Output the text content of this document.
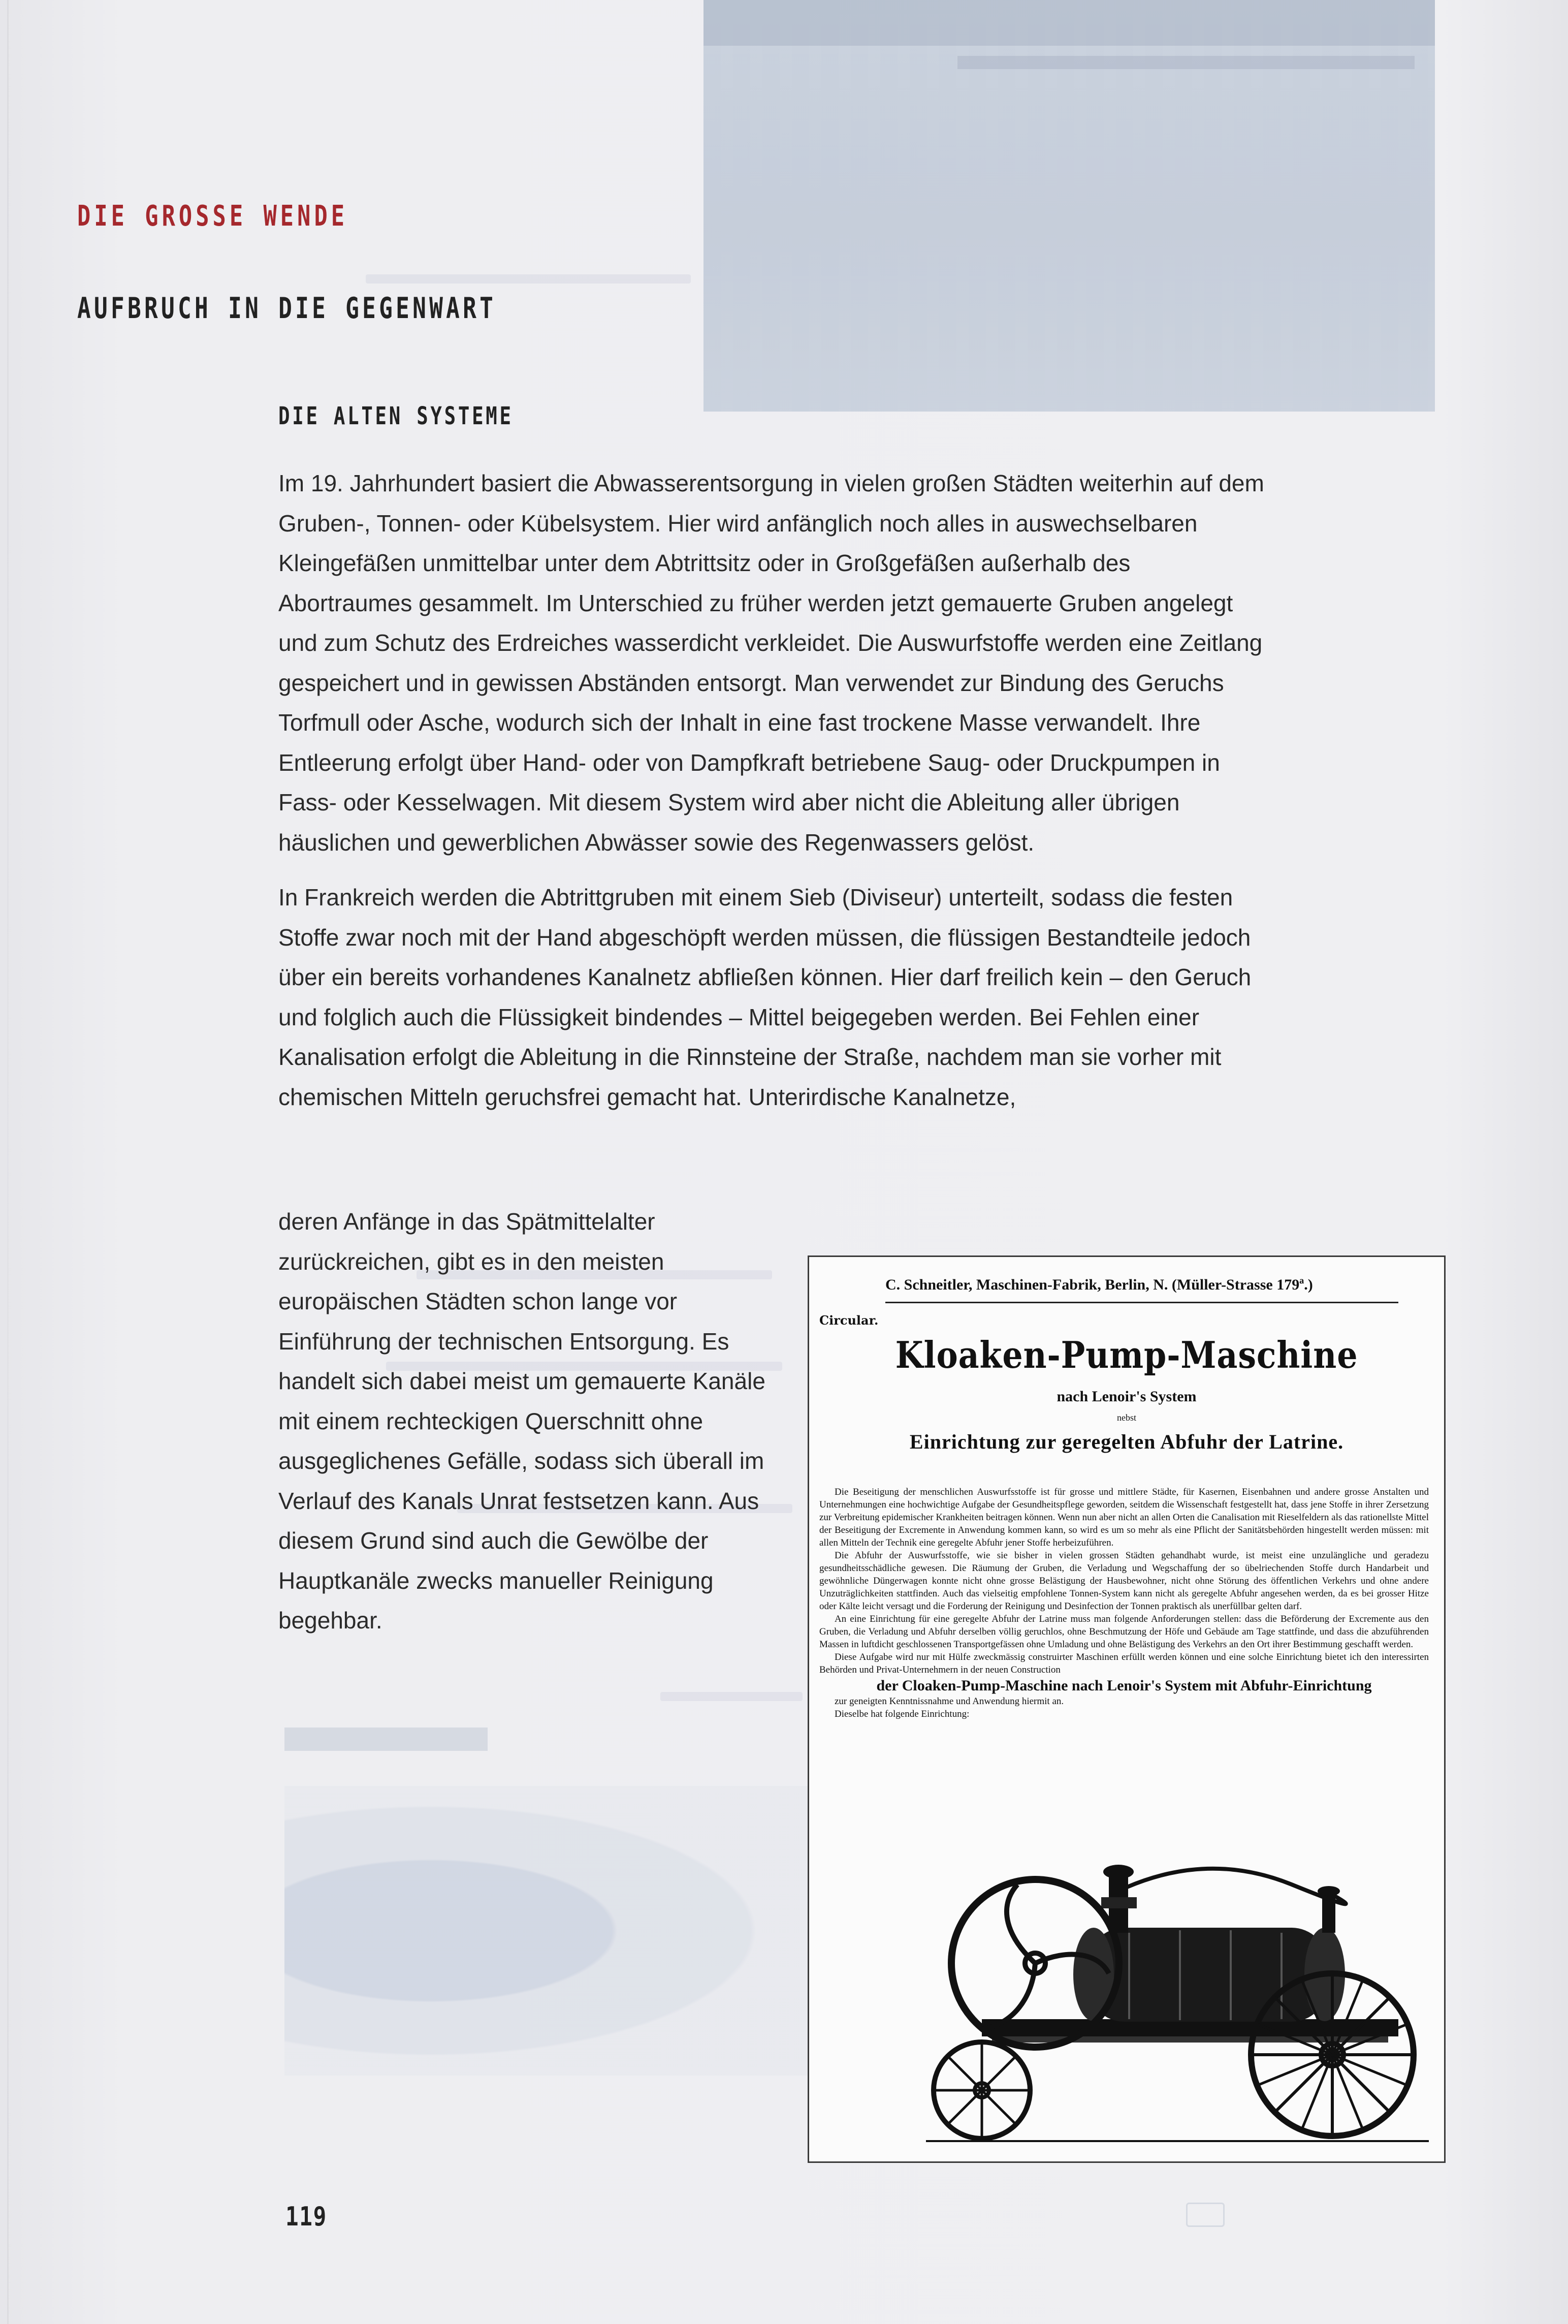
DIE GROSSE WENDE
AUFBRUCH IN DIE GEGENWART
DIE ALTEN SYSTEME

Im 19. Jahrhundert basiert die Abwasserentsorgung in vielen großen Städten weiterhin auf dem Gruben-, Tonnen- oder Kübelsystem. Hier wird anfänglich noch alles in auswechselbaren Kleingefäßen unmittelbar unter dem Abtrittsitz oder in Großgefäßen außerhalb des Abortraumes gesammelt. Im Unterschied zu früher werden jetzt gemauerte Gruben angelegt und zum Schutz des Erdreiches wasserdicht verkleidet. Die Auswurfstoffe werden eine Zeitlang gespeichert und in gewissen Abständen entsorgt. Man verwendet zur Bindung des Geruchs Torfmull oder Asche, wodurch sich der Inhalt in eine fast trockene Masse verwandelt. Ihre Entleerung erfolgt über Hand- oder von Dampfkraft betriebene Saug- oder Druckpumpen in Fass- oder Kesselwagen. Mit diesem System wird aber nicht die Ableitung aller übrigen häuslichen und gewerblichen Abwässer sowie des Regenwassers gelöst.

In Frankreich werden die Abtrittgruben mit einem Sieb (Diviseur) unterteilt, sodass die festen Stoffe zwar noch mit der Hand abgeschöpft werden müssen, die flüssigen Bestandteile jedoch über ein bereits vorhandenes Kanalnetz abfließen können. Hier darf freilich kein – den Geruch und folglich auch die Flüssigkeit bindendes – Mittel beigegeben werden. Bei Fehlen einer Kanalisation erfolgt die Ableitung in die Rinnsteine der Straße, nachdem man sie vorher mit chemischen Mitteln geruchsfrei gemacht hat. Unterirdische Kanalnetze,

deren Anfänge in das Spätmittelalter zurückreichen, gibt es in den meisten europäischen Städten schon lange vor Einführung der technischen Entsorgung. Es handelt sich dabei meist um gemauerte Kanäle mit einem rechteckigen Querschnitt ohne ausgeglichenes Gefälle, sodass sich überall im Verlauf des Kanals Unrat festsetzen kann. Aus diesem Grund sind auch die Gewölbe der Hauptkanäle zwecks manueller Reinigung begehbar.
C. Schneitler, Maschinen-Fabrik, Berlin, N. (Müller-Strasse 179ª.)
Circular.
Kloaken-Pump-Maschine
nach Lenoir's System
nebst
Einrichtung zur geregelten Abfuhr der Latrine.

Die Beseitigung der menschlichen Auswurfsstoffe ist für grosse und mittlere Städte, für Kasernen, Eisenbahnen und andere grosse Anstalten und Unternehmungen eine hochwichtige Aufgabe der Gesundheitspflege geworden, seitdem die Wissenschaft festgestellt hat, dass jene Stoffe in ihrer Zersetzung zur Verbreitung epidemischer Krankheiten beitragen können. Wenn nun aber nicht an allen Orten die Canalisation mit Rieselfeldern als das rationellste Mittel der Beseitigung der Excremente in Anwendung kommen kann, so wird es um so mehr als eine Pflicht der Sanitätsbehörden hingestellt werden müssen: mit allen Mitteln der Technik eine geregelte Abfuhr jener Stoffe herbeizuführen.

Die Abfuhr der Auswurfsstoffe, wie sie bisher in vielen grossen Städten gehandhabt wurde, ist meist eine unzulängliche und geradezu gesundheitsschädliche gewesen. Die Räumung der Gruben, die Verladung und Wegschaffung der so übelriechenden Stoffe durch Handarbeit und gewöhnliche Düngerwagen konnte nicht ohne grosse Belästigung der Hausbewohner, nicht ohne Störung des öffentlichen Verkehrs und ohne andere Unzuträglichkeiten stattfinden. Auch das vielseitig empfohlene Tonnen-System kann nicht als geregelte Abfuhr angesehen werden, da es bei grosser Hitze oder Kälte leicht versagt und die Forderung der Reinigung und Desinfection der Tonnen praktisch als unerfüllbar gelten darf.

An eine Einrichtung für eine geregelte Abfuhr der Latrine muss man folgende Anforderungen stellen: dass die Beförderung der Excremente aus den Gruben, die Verladung und Abfuhr derselben völlig geruchlos, ohne Beschmutzung der Höfe und Gebäude am Tage stattfinde, und dass die abzuführenden Massen in luftdicht geschlossenen Transportgefässen ohne Umladung und ohne Belästigung des Verkehrs an den Ort ihrer Bestimmung geschafft werden.

Diese Aufgabe wird nur mit Hülfe zweckmässig construirter Maschinen erfüllt werden können und eine solche Einrichtung bietet ich den interessirten Behörden und Privat-Unternehmern in der neuen Construction

der Cloaken-Pump-Maschine nach Lenoir's System mit Abfuhr-Einrichtung

zur geneigten Kenntnissnahme und Anwendung hiermit an.

Dieselbe hat folgende Einrichtung:

119
